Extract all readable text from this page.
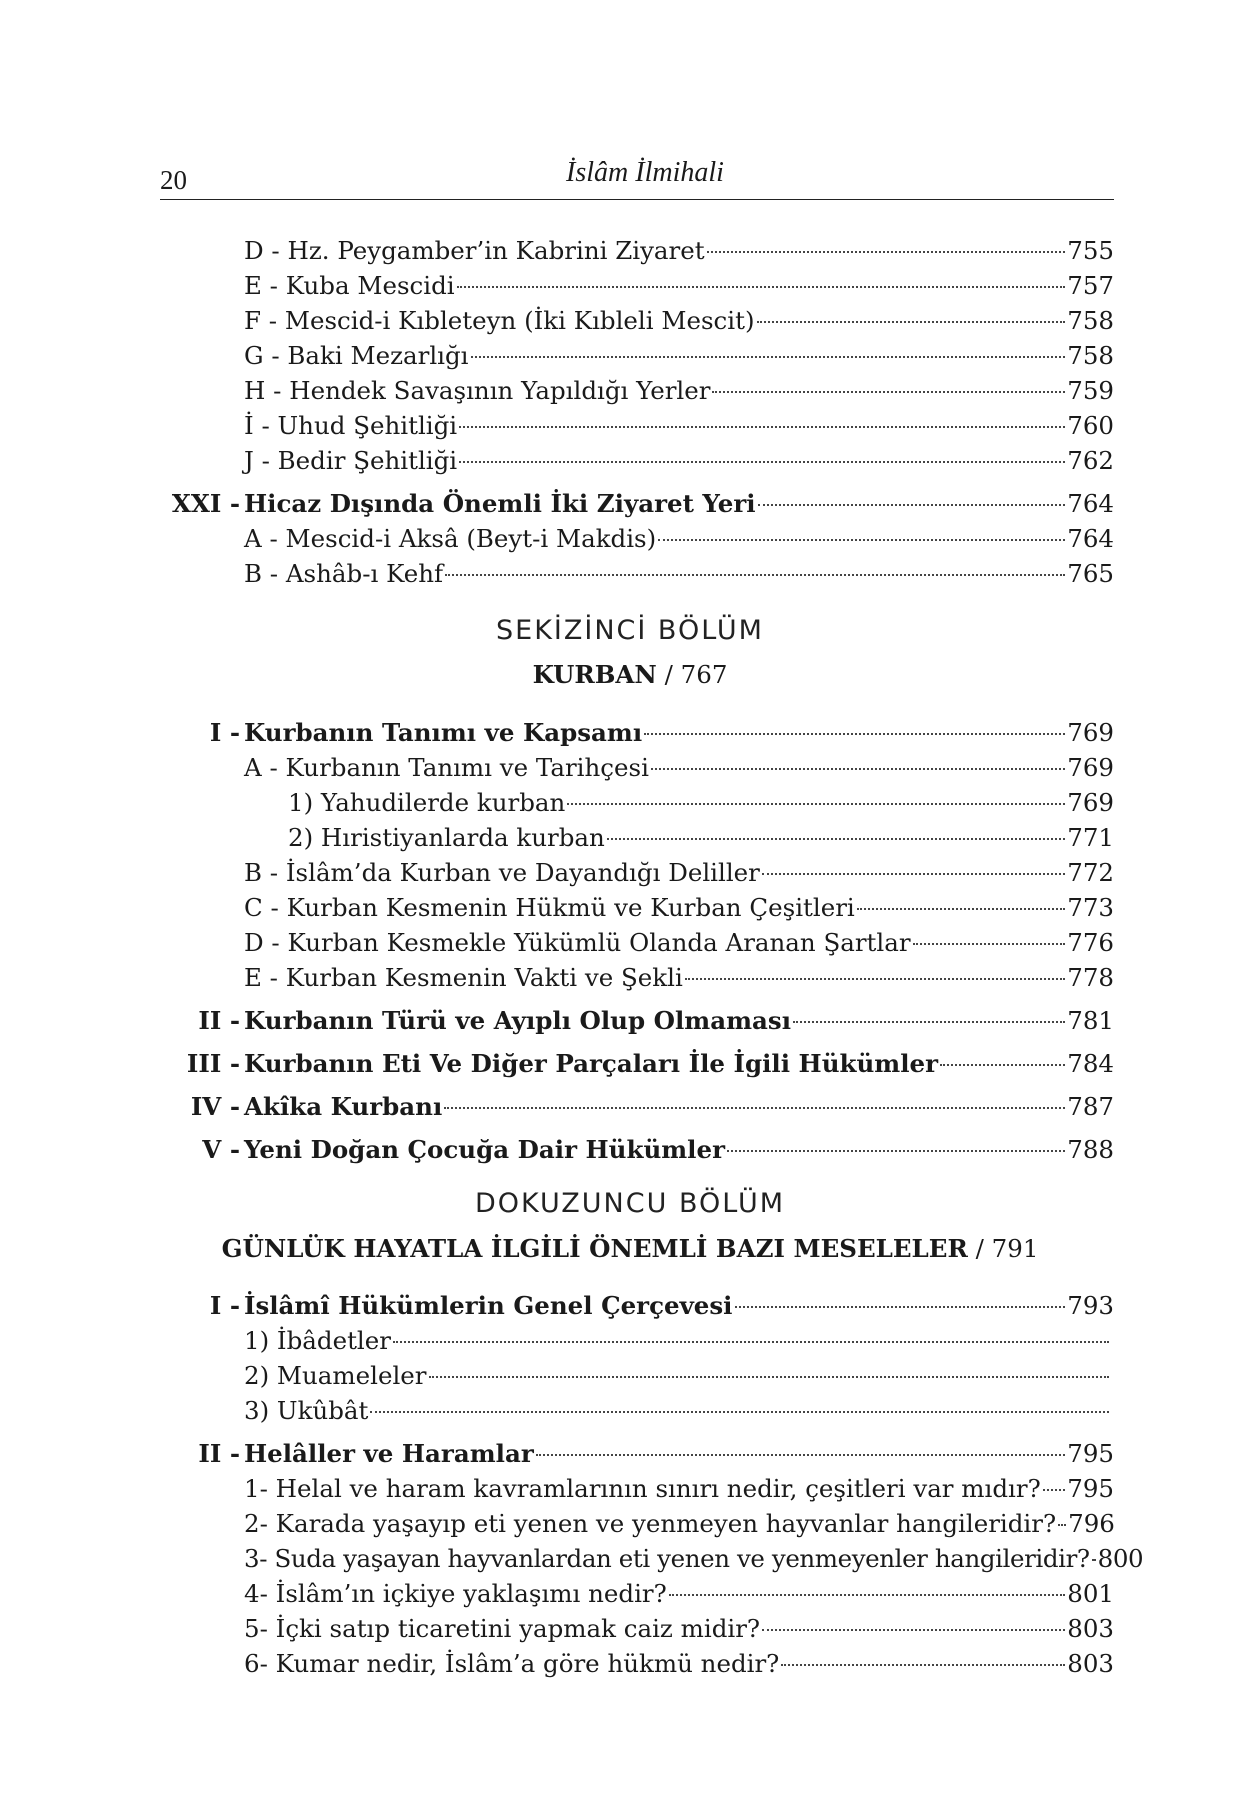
20	İslâm İlmihali
D - Hz. Peygamber’in Kabrini Ziyaret	755
E - Kuba Mescidi	757
F - Mescid-i Kıbleteyn (İki Kıbleli Mescit)	758
G - Baki Mezarlığı	758
H - Hendek Savaşının Yapıldığı Yerler	759
İ - Uhud Şehitliği	760
J - Bedir Şehitliği	762
XXI - Hicaz Dışında Önemli İki Ziyaret Yeri	764
A - Mescid-i Aksâ (Beyt-i Makdis)	764
B - Ashâb-ı Kehf	765
SEKİZİNCİ BÖLÜM
KURBAN / 767
I - Kurbanın Tanımı ve Kapsamı	769
A - Kurbanın Tanımı ve Tarihçesi	769
1) Yahudilerde kurban	769
2) Hıristiyanlarda kurban	771
B - İslâm’da Kurban ve Dayandığı Deliller	772
C - Kurban Kesmenin Hükmü ve Kurban Çeşitleri	773
D - Kurban Kesmekle Yükümlü Olanda Aranan Şartlar	776
E - Kurban Kesmenin Vakti ve Şekli	778
II - Kurbanın Türü ve Ayıplı Olup Olmaması	781
III - Kurbanın Eti Ve Diğer Parçaları İle İgili Hükümler	784
IV - Akîka Kurbanı	787
V - Yeni Doğan Çocuğa Dair Hükümler	788
DOKUZUNCU BÖLÜM
GÜNLÜK HAYATLA İLGİLİ ÖNEMLİ BAZI MESELELER / 791
I - İslâmî Hükümlerin Genel Çerçevesi	793
1) İbâdetler
2) Muameleler
3) Ukûbât
II - Helâller ve Haramlar	795
1- Helal ve haram kavramlarının sınırı nedir, çeşitleri var mıdır? 795
2- Karada yaşayıp eti yenen ve yenmeyen hayvanlar hangileridir? 796
3- Suda yaşayan hayvanlardan eti yenen ve yenmeyenler hangileridir? 800
4- İslâm’ın içkiye yaklaşımı nedir?	801
5- İçki satıp ticaretini yapmak caiz midir?	803
6- Kumar nedir, İslâm’a göre hükmü nedir?	803
